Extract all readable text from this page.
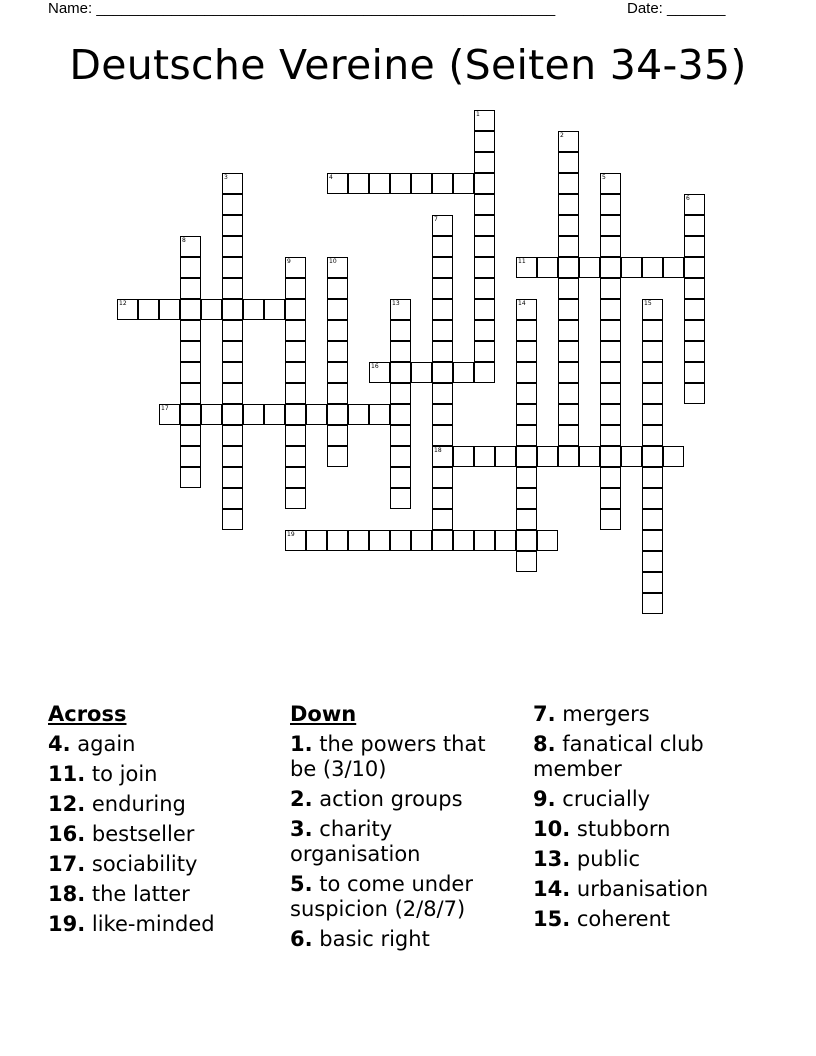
Name: _______________________________________________________	Date: _______
Deutsche Vereine (Seiten 34-35)
1
2
3	4	5
6
7
18
8
9	10	11
12	13	14	15
16
17
19
Across
4. again
11. to join
12. enduring
16. bestseller
17. sociability
18. the latter
19. like-minded
Down
1. the powers that be (3/10)
2. action groups
3. charity organisation
5. to come under suspicion (2/8/7)
6. basic right
7. mergers
8. fanatical club member
9. crucially
10. stubborn
13. public
14. urbanisation
15. coherent
